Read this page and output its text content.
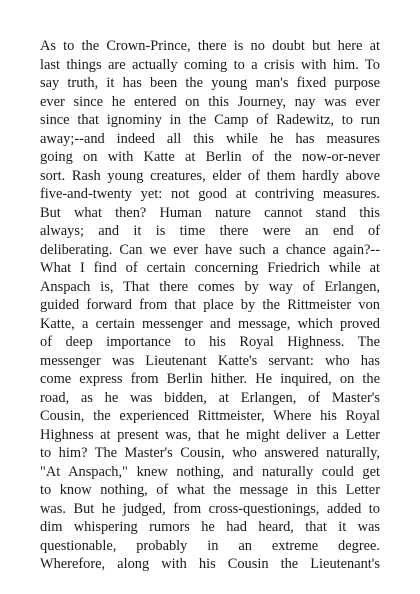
As to the Crown-Prince, there is no doubt but here at
last things are actually coming to a crisis with him. To
say truth, it has been the young man's fixed purpose
ever since he entered on this Journey, nay was ever
since that ignominy in the Camp of Radewitz, to run
away;--and indeed all this while he has measures
going on with Katte at Berlin of the now-or-never
sort. Rash young creatures, elder of them hardly above
five-and-twenty yet: not good at contriving measures.
But what then? Human nature cannot stand this
always; and it is time there were an end of
deliberating. Can we ever have such a chance again?--
What I find of certain concerning Friedrich while at
Anspach is, That there comes by way of Erlangen,
guided forward from that place by the Rittmeister von
Katte, a certain messenger and message, which proved
of deep importance to his Royal Highness. The
messenger was Lieutenant Katte's servant: who has
come express from Berlin hither. He inquired, on the
road, as he was bidden, at Erlangen, of Master's
Cousin, the experienced Rittmeister, Where his Royal
Highness at present was, that he might deliver a Letter
to him? The Master's Cousin, who answered naturally,
"At Anspach," knew nothing, and naturally could get
to know nothing, of what the message in this Letter
was. But he judged, from cross-questionings, added to
dim whispering rumors he had heard, that it was
questionable, probably in an extreme degree.
Wherefore, along with his Cousin the Lieutenant's
